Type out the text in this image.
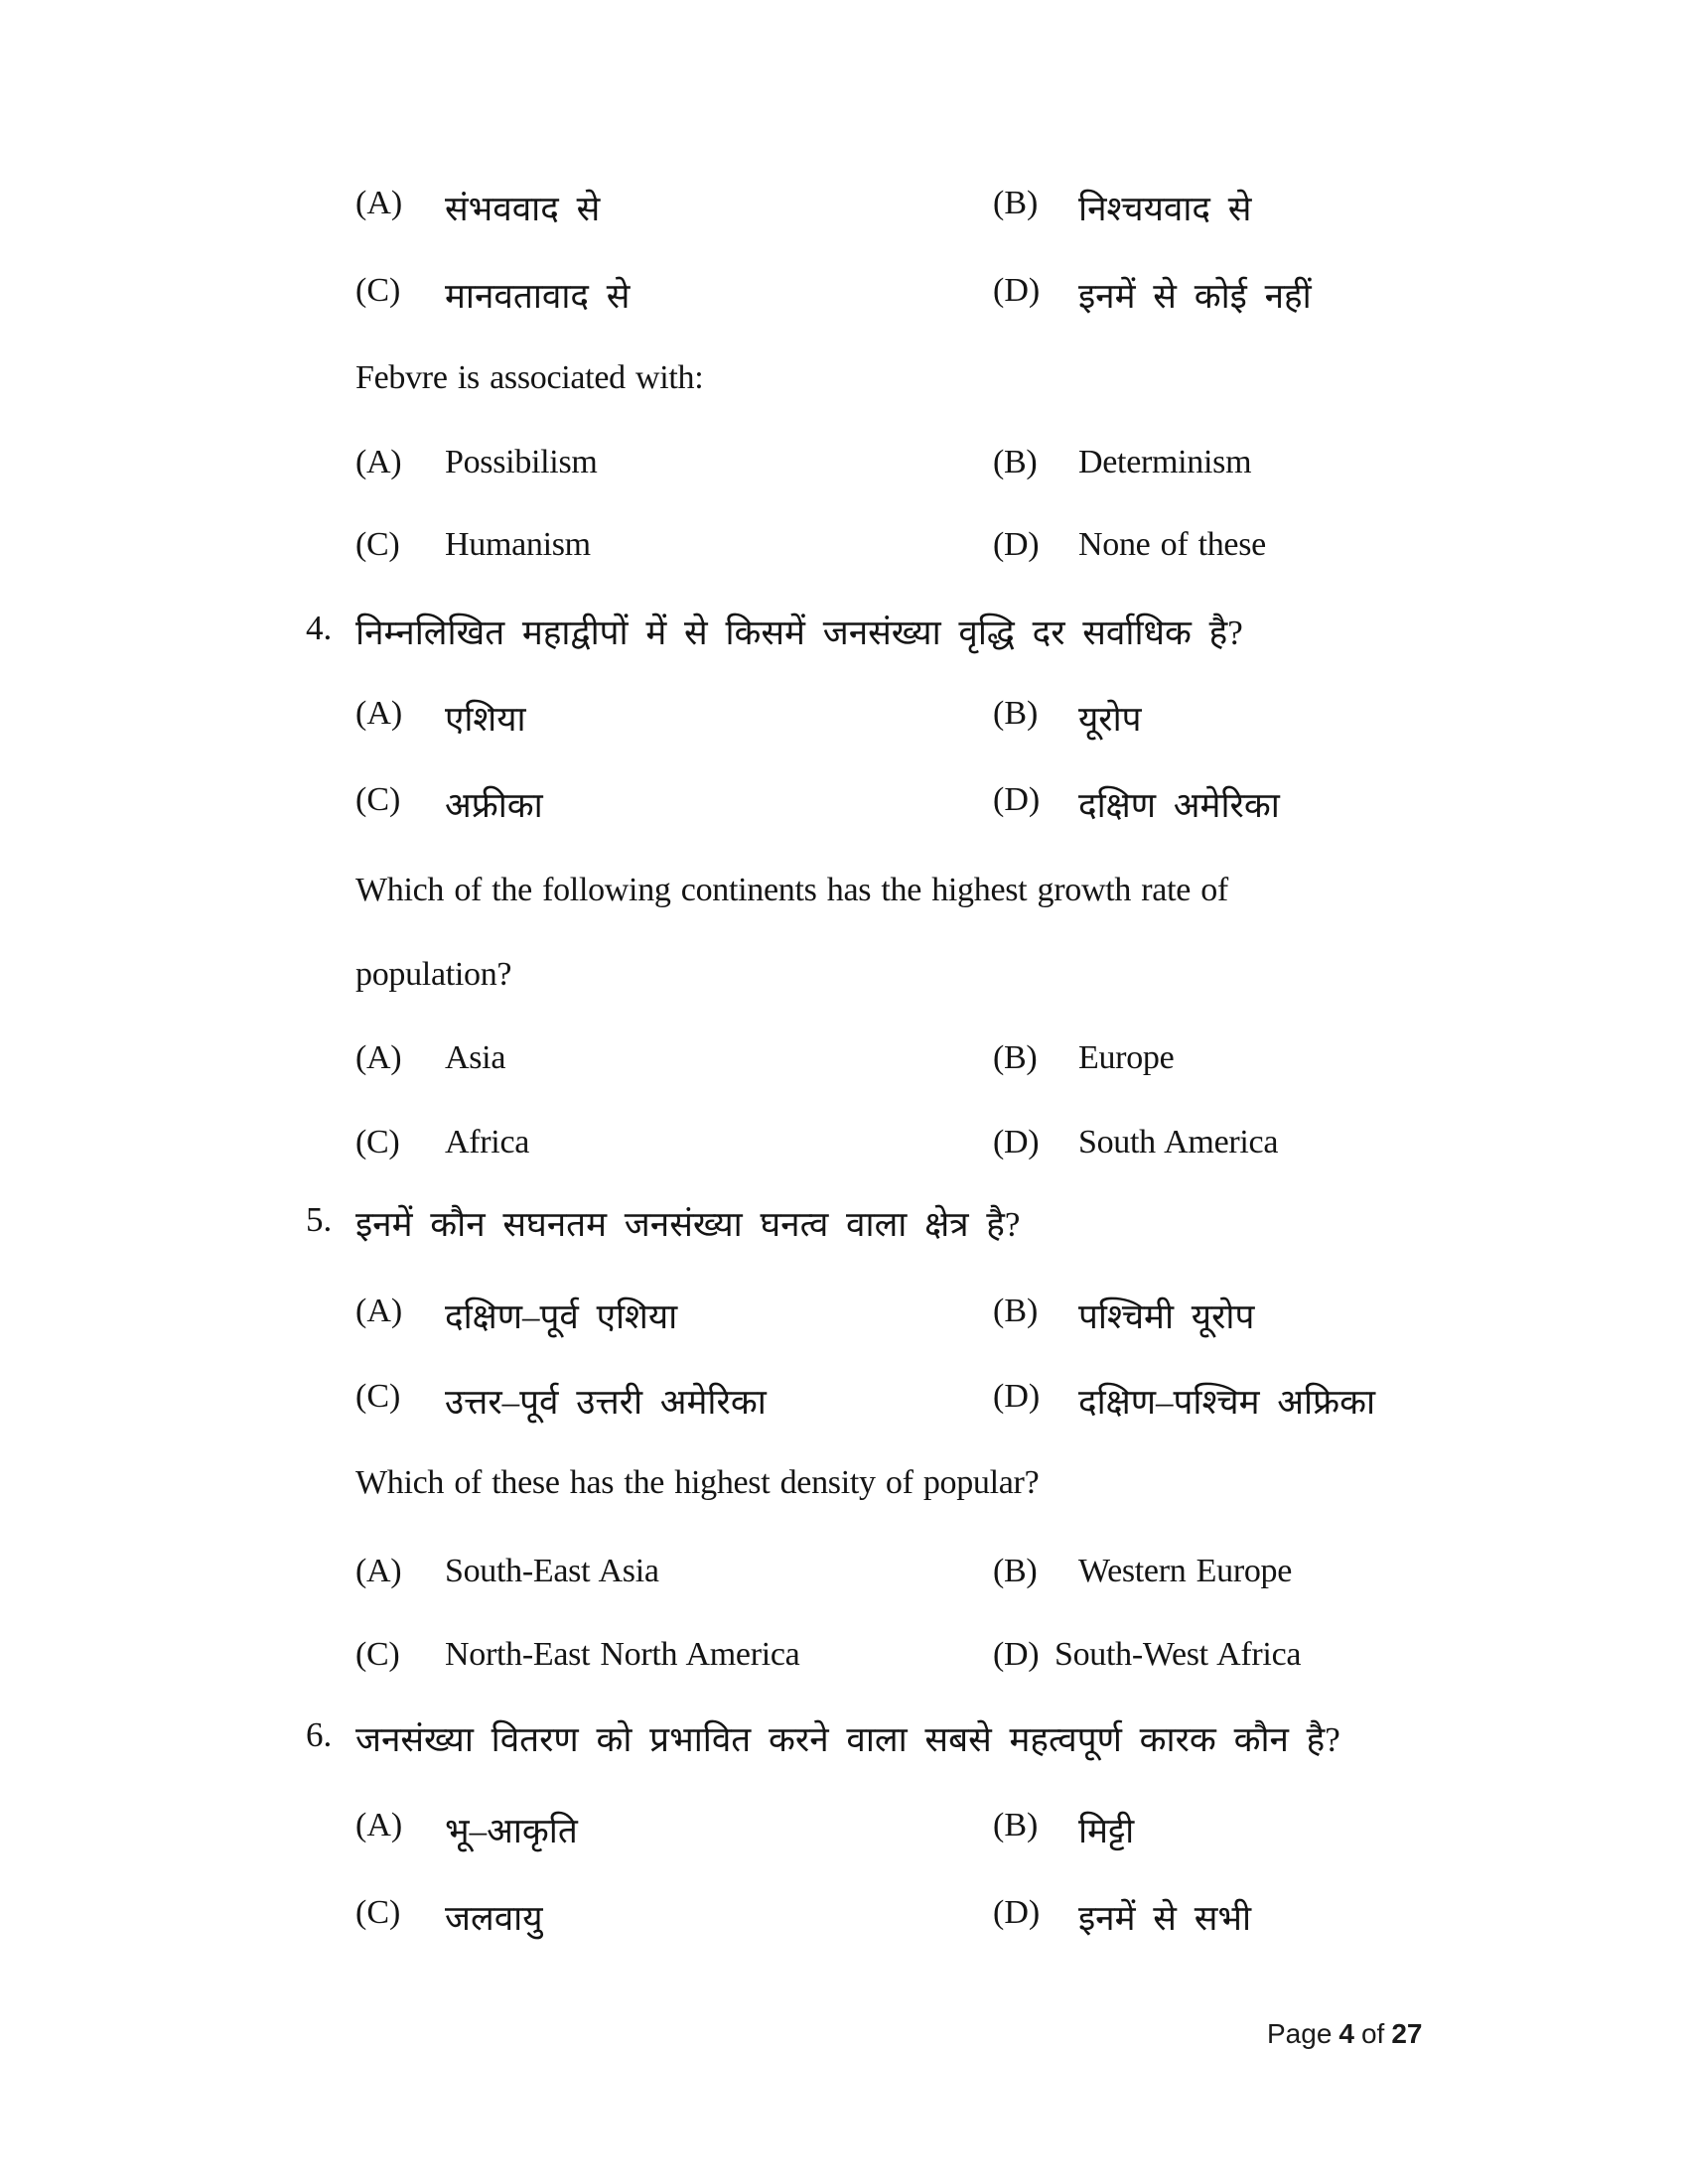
(A) संभववाद से	(B) निश्चयवाद से
(C) मानवतावाद से	(D) इनमें से कोई नहीं
Febvre is associated with:
(A) Possibilism	(B) Determinism
(C) Humanism	(D) None of these
4. निम्नलिखित महाद्वीपों में से किसमें जनसंख्या वृद्धि दर सर्वाधिक है?
(A) एशिया	(B) यूरोप
(C) अफ्रीका	(D) दक्षिण अमेरिका
Which of the following continents has the highest growth rate of
population?
(A) Asia	(B) Europe
(C) Africa	(D) South America
5. इनमें कौन सघनतम जनसंख्या घनत्व वाला क्षेत्र है?
(A) दक्षिण–पूर्व एशिया	(B) पश्चिमी यूरोप
(C) उत्तर–पूर्व उत्तरी अमेरिका	(D) दक्षिण–पश्चिम अफ्रिका
Which of these has the highest density of popular?
(A) South-East Asia	(B) Western Europe
(C) North-East North America	(D) South-West Africa
6. जनसंख्या वितरण को प्रभावित करने वाला सबसे महत्वपूर्ण कारक कौन है?
(A) भू–आकृति	(B) मिट्टी
(C) जलवायु	(D) इनमें से सभी
Page 4 of 27
